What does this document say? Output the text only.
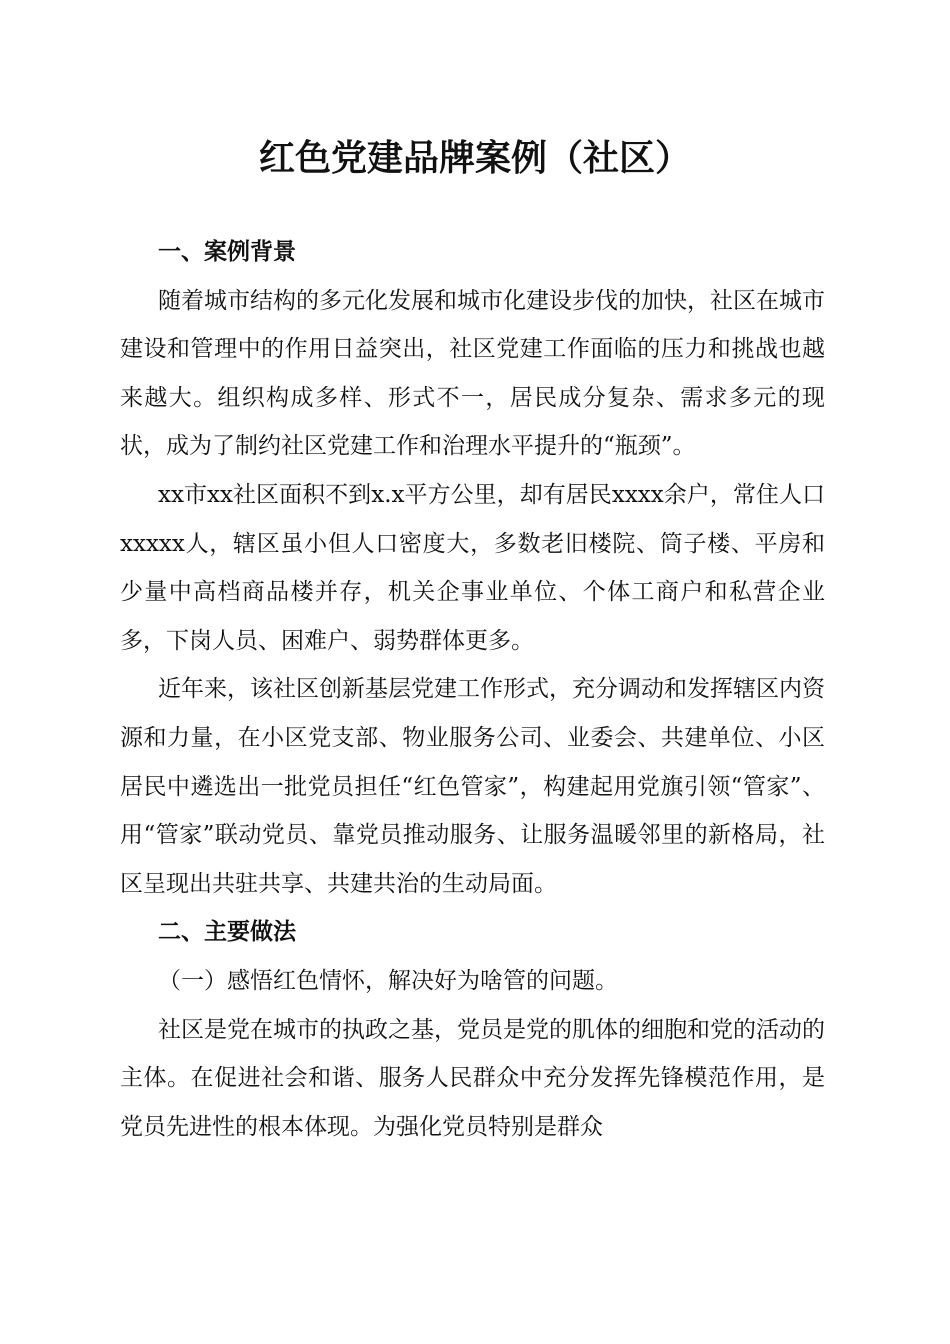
红色党建品牌案例（社区）

一、案例背景

随着城市结构的多元化发展和城市化建设步伐的加快，社区在城市建设和管理中的作用日益突出，社区党建工作面临的压力和挑战也越来越大。组织构成多样、形式不一，居民成分复杂、需求多元的现状，成为了制约社区党建工作和治理水平提升的“瓶颈”。

xx市xx社区面积不到x.x平方公里，却有居民xxxx余户，常住人口xxxxx人，辖区虽小但人口密度大，多数老旧楼院、筒子楼、平房和少量中高档商品楼并存，机关企事业单位、个体工商户和私营企业多，下岗人员、困难户、弱势群体更多。

近年来，该社区创新基层党建工作形式，充分调动和发挥辖区内资源和力量，在小区党支部、物业服务公司、业委会、共建单位、小区居民中遴选出一批党员担任“红色管家”，构建起用党旗引领“管家”、用“管家”联动党员、靠党员推动服务、让服务温暖邻里的新格局，社区呈现出共驻共享、共建共治的生动局面。

二、主要做法

（一）感悟红色情怀，解决好为啥管的问题。

社区是党在城市的执政之基，党员是党的肌体的细胞和党的活动的主体。在促进社会和谐、服务人民群众中充分发挥先锋模范作用，是党员先进性的根本体现。为强化党员特别是群众
